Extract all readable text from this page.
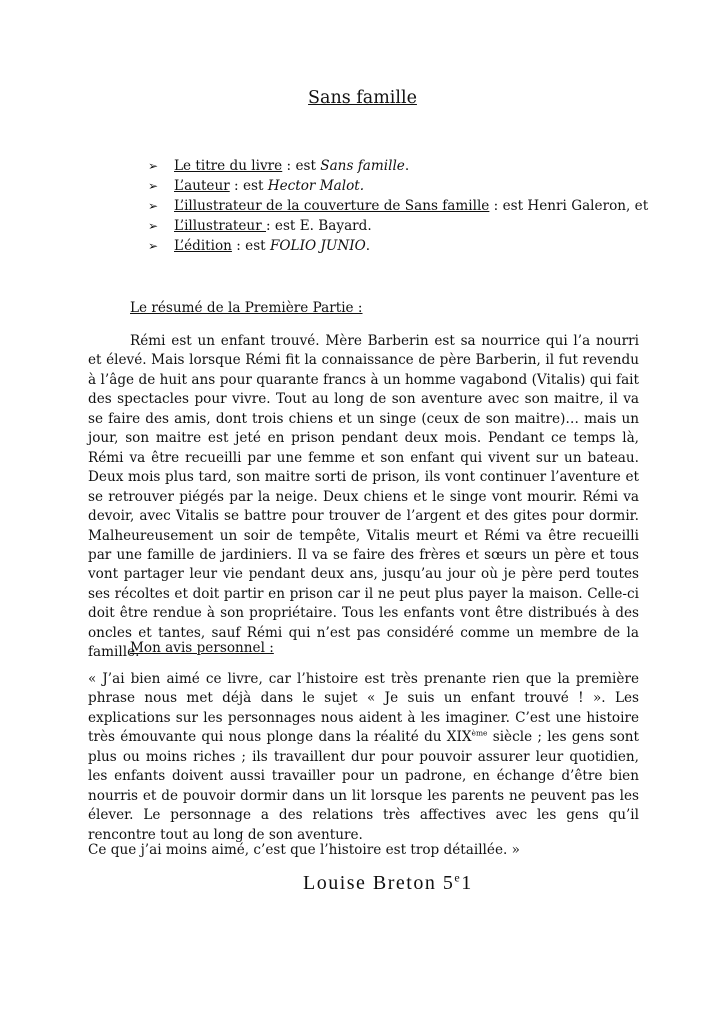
Sans famille
➢ Le titre du livre : est Sans famille.
➢ L’auteur : est Hector Malot.
➢ L’illustrateur de la couverture de Sans famille : est Henri Galeron, et
➢ L’illustrateur : est E. Bayard.
➢ L’édition : est FOLIO JUNIO.
Le résumé de la Première Partie :

Rémi est un enfant trouvé. Mère Barberin est sa nourrice qui l’a nourri et élevé. Mais lorsque Rémi fit la connaissance de père Barberin, il fut revendu à l’âge de huit ans pour quarante francs à un homme vagabond (Vitalis) qui fait des spectacles pour vivre. Tout au long de son aventure avec son maitre, il va se faire des amis, dont trois chiens et un singe (ceux de son maitre)… mais un jour, son maitre est jeté en prison pendant deux mois. Pendant ce temps là, Rémi va être recueilli par une femme et son enfant qui vivent sur un bateau. Deux mois plus tard, son maitre sorti de prison, ils vont continuer l’aventure et se retrouver piégés par la neige. Deux chiens et le singe vont mourir. Rémi va devoir, avec Vitalis se battre pour trouver de l’argent et des gites pour dormir. Malheureusement un soir de tempête, Vitalis meurt et Rémi va être recueilli par une famille de jardiniers. Il va se faire des frères et sœurs un père et tous vont partager leur vie pendant deux ans, jusqu’au jour où je père perd toutes ses récoltes et doit partir en prison car il ne peut plus payer la maison. Celle-ci doit être rendue à son propriétaire. Tous les enfants vont être distribués à des oncles et tantes, sauf Rémi qui n’est pas considéré comme un membre de la famille.

Mon avis personnel :

« J’ai bien aimé ce livre, car l’histoire est très prenante rien que la première phrase nous met déjà dans le sujet « Je suis un enfant trouvé ! ». Les explications sur les personnages nous aident à les imaginer. C’est une histoire très émouvante qui nous plonge dans la réalité du XIXème siècle ; les gens sont plus ou moins riches ; ils travaillent dur pour pouvoir assurer leur quotidien, les enfants doivent aussi travailler pour un padrone, en échange d’être bien nourris et de pouvoir dormir dans un lit lorsque les parents ne peuvent pas les élever. Le personnage a des relations très affectives avec les gens qu’il rencontre tout au long de son aventure.

Ce que j’ai moins aimé, c’est que l’histoire est trop détaillée. »

Louise Breton 5e1
